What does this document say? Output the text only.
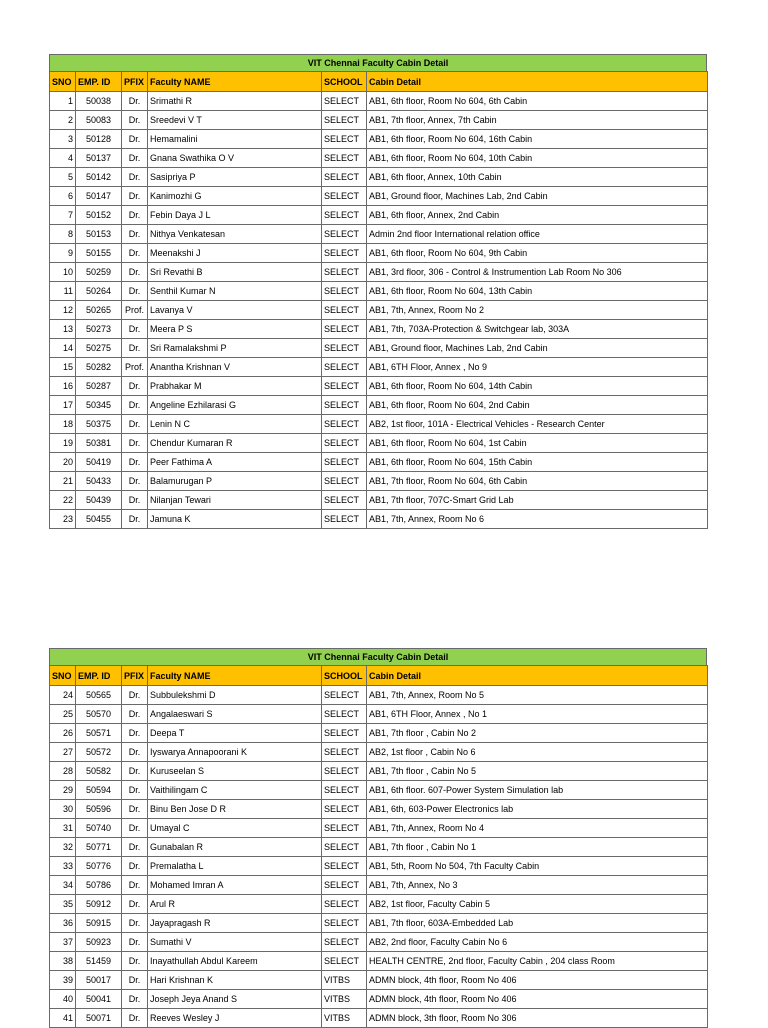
VIT Chennai Faculty Cabin Detail
SNO	EMP. ID	PFIX	Faculty NAME	SCHOOL	Cabin Detail
1	50038	Dr.	Srimathi R	SELECT	AB1, 6th floor, Room No 604, 6th Cabin
2	50083	Dr.	Sreedevi V T	SELECT	AB1, 7th floor, Annex, 7th Cabin
3	50128	Dr.	Hemamalini	SELECT	AB1, 6th floor, Room No 604, 16th Cabin
4	50137	Dr.	Gnana Swathika O V	SELECT	AB1, 6th floor, Room No 604, 10th Cabin
5	50142	Dr.	Sasipriya P	SELECT	AB1, 6th floor, Annex, 10th Cabin
6	50147	Dr.	Kanimozhi G	SELECT	AB1, Ground floor, Machines Lab, 2nd Cabin
7	50152	Dr.	Febin Daya J L	SELECT	AB1, 6th floor, Annex, 2nd Cabin
8	50153	Dr.	Nithya Venkatesan	SELECT	Admin 2nd floor International relation office
9	50155	Dr.	Meenakshi J	SELECT	AB1, 6th floor, Room No 604, 9th Cabin
10	50259	Dr.	Sri Revathi B	SELECT	AB1, 3rd floor, 306 - Control & Instrumention Lab Room No 306
11	50264	Dr.	Senthil Kumar N	SELECT	AB1, 6th floor, Room No 604, 13th Cabin
12	50265	Prof.	Lavanya V	SELECT	AB1, 7th, Annex, Room No 2
13	50273	Dr.	Meera P S	SELECT	AB1, 7th, 703A-Protection & Switchgear lab, 303A
14	50275	Dr.	Sri Ramalakshmi P	SELECT	AB1, Ground floor, Machines Lab, 2nd Cabin
15	50282	Prof.	Anantha Krishnan V	SELECT	AB1, 6TH Floor, Annex , No 9
16	50287	Dr.	Prabhakar M	SELECT	AB1, 6th floor, Room No 604, 14th Cabin
17	50345	Dr.	Angeline Ezhilarasi G	SELECT	AB1, 6th floor, Room No 604, 2nd Cabin
18	50375	Dr.	Lenin N C	SELECT	AB2, 1st floor, 101A - Electrical Vehicles - Research Center
19	50381	Dr.	Chendur Kumaran R	SELECT	AB1, 6th floor, Room No 604, 1st Cabin
20	50419	Dr.	Peer Fathima A	SELECT	AB1, 6th floor, Room No 604, 15th Cabin
21	50433	Dr.	Balamurugan P	SELECT	AB1, 7th floor, Room No 604, 6th Cabin
22	50439	Dr.	Nilanjan Tewari	SELECT	AB1, 7th floor, 707C-Smart Grid Lab
23	50455	Dr.	Jamuna K	SELECT	AB1, 7th, Annex, Room No 6
VIT Chennai Faculty Cabin Detail
SNO	EMP. ID	PFIX	Faculty NAME	SCHOOL	Cabin Detail
24	50565	Dr.	Subbulekshmi D	SELECT	AB1, 7th, Annex, Room No 5
25	50570	Dr.	Angalaeswari S	SELECT	AB1, 6TH Floor, Annex , No 1
26	50571	Dr.	Deepa T	SELECT	AB1, 7th floor , Cabin No 2
27	50572	Dr.	Iyswarya Annapoorani K	SELECT	AB2, 1st floor , Cabin No 6
28	50582	Dr.	Kuruseelan S	SELECT	AB1, 7th floor , Cabin No 5
29	50594	Dr.	Vaithilingam C	SELECT	AB1, 6th floor. 607-Power System Simulation lab
30	50596	Dr.	Binu Ben Jose D R	SELECT	AB1, 6th, 603-Power Electronics lab
31	50740	Dr.	Umayal C	SELECT	AB1, 7th, Annex, Room No 4
32	50771	Dr.	Gunabalan R	SELECT	AB1, 7th floor , Cabin No 1
33	50776	Dr.	Premalatha L	SELECT	AB1, 5th, Room No 504, 7th Faculty Cabin
34	50786	Dr.	Mohamed Imran A	SELECT	AB1, 7th, Annex, No 3
35	50912	Dr.	Arul R	SELECT	AB2, 1st floor, Faculty Cabin 5
36	50915	Dr.	Jayapragash R	SELECT	AB1, 7th floor, 603A-Embedded Lab
37	50923	Dr.	Sumathi V	SELECT	AB2, 2nd floor, Faculty Cabin No 6
38	51459	Dr.	Inayathullah Abdul Kareem	SELECT	HEALTH CENTRE, 2nd floor, Faculty Cabin , 204 class Room
39	50017	Dr.	Hari Krishnan K	VITBS	ADMN block, 4th floor, Room No 406
40	50041	Dr.	Joseph Jeya Anand S	VITBS	ADMN block, 4th floor, Room No 406
41	50071	Dr.	Reeves Wesley J	VITBS	ADMN block, 3th floor, Room No 306
